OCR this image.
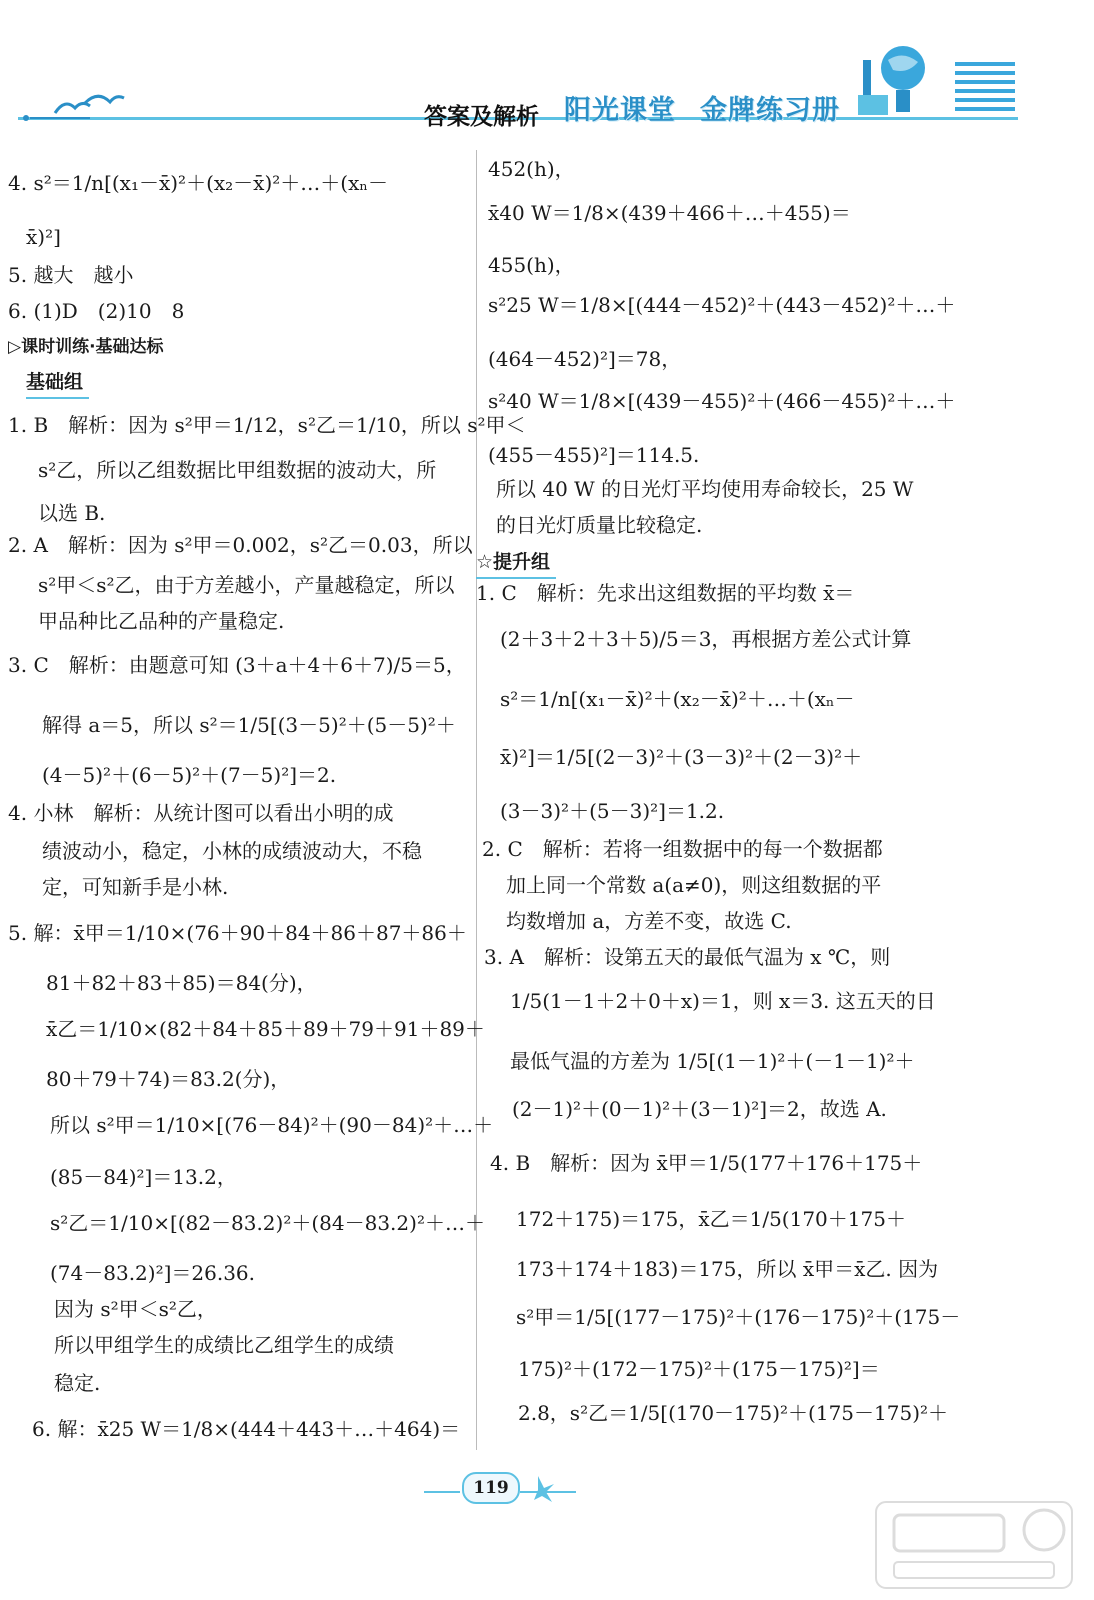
答案及解析 阳光课堂 金牌练习册
4. s²＝1/n[(x₁－x̄)²＋(x₂－x̄)²＋…＋(xₙ－
x̄)²]
5. 越大　越小
6. (1)D　(2)10　8
▷课时训练·基础达标
基础组
1. B　解析：因为 s²甲＝1/12，s²乙＝1/10，所以 s²甲＜
s²乙，所以乙组数据比甲组数据的波动大，所
以选 B.
2. A　解析：因为 s²甲＝0.002，s²乙＝0.03，所以
s²甲＜s²乙，由于方差越小，产量越稳定，所以
甲品种比乙品种的产量稳定.
3. C　解析：由题意可知 (3＋a＋4＋6＋7)/5＝5，
解得 a＝5，所以 s²＝1/5[(3－5)²＋(5－5)²＋
(4－5)²＋(6－5)²＋(7－5)²]＝2.
4. 小林　解析：从统计图可以看出小明的成
绩波动小，稳定，小林的成绩波动大，不稳
定，可知新手是小林.
5. 解：x̄甲＝1/10×(76＋90＋84＋86＋87＋86＋
81＋82＋83＋85)＝84(分)，
x̄乙＝1/10×(82＋84＋85＋89＋79＋91＋89＋
80＋79＋74)＝83.2(分)，
所以 s²甲＝1/10×[(76－84)²＋(90－84)²＋…＋
(85－84)²]＝13.2，
s²乙＝1/10×[(82－83.2)²＋(84－83.2)²＋…＋
(74－83.2)²]＝26.36.
因为 s²甲＜s²乙，
所以甲组学生的成绩比乙组学生的成绩
稳定.
6. 解：x̄25 W＝1/8×(444＋443＋…＋464)＝
452(h)，
x̄40 W＝1/8×(439＋466＋…＋455)＝
455(h)，
s²25 W＝1/8×[(444－452)²＋(443－452)²＋…＋
(464－452)²]＝78，
s²40 W＝1/8×[(439－455)²＋(466－455)²＋…＋
(455－455)²]＝114.5.
所以 40 W 的日光灯平均使用寿命较长，25 W
的日光灯质量比较稳定.
☆提升组
1. C　解析：先求出这组数据的平均数 x̄＝
(2＋3＋2＋3＋5)/5＝3，再根据方差公式计算
s²＝1/n[(x₁－x̄)²＋(x₂－x̄)²＋…＋(xₙ－
x̄)²]＝1/5[(2－3)²＋(3－3)²＋(2－3)²＋
(3－3)²＋(5－3)²]＝1.2.
2. C　解析：若将一组数据中的每一个数据都
加上同一个常数 a(a≠0)，则这组数据的平
均数增加 a，方差不变，故选 C.
3. A　解析：设第五天的最低气温为 x ℃，则
1/5(1－1＋2＋0＋x)＝1，则 x＝3. 这五天的日
最低气温的方差为 1/5[(1－1)²＋(－1－1)²＋
(2－1)²＋(0－1)²＋(3－1)²]＝2，故选 A.
4. B　解析：因为 x̄甲＝1/5(177＋176＋175＋
172＋175)＝175，x̄乙＝1/5(170＋175＋
173＋174＋183)＝175，所以 x̄甲＝x̄乙. 因为
s²甲＝1/5[(177－175)²＋(176－175)²＋(175－
175)²＋(172－175)²＋(175－175)²]＝
2.8，s²乙＝1/5[(170－175)²＋(175－175)²＋
119
